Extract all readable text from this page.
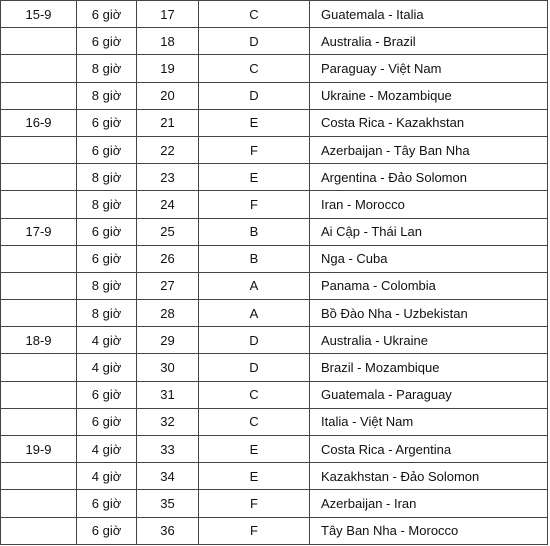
15-9	6 giờ	17	C	Guatemala - Italia
	6 giờ	18	D	Australia - Brazil
	8 giờ	19	C	Paraguay - Việt Nam
	8 giờ	20	D	Ukraine - Mozambique
16-9	6 giờ	21	E	Costa Rica - Kazakhstan
	6 giờ	22	F	Azerbaijan - Tây Ban Nha
	8 giờ	23	E	Argentina - Đảo Solomon
	8 giờ	24	F	Iran - Morocco
17-9	6 giờ	25	B	Ai Cập - Thái Lan
	6 giờ	26	B	Nga - Cuba
	8 giờ	27	A	Panama - Colombia
	8 giờ	28	A	Bồ Đào Nha - Uzbekistan
18-9	4 giờ	29	D	Australia - Ukraine
	4 giờ	30	D	Brazil - Mozambique
	6 giờ	31	C	Guatemala - Paraguay
	6 giờ	32	C	Italia - Việt Nam
19-9	4 giờ	33	E	Costa Rica - Argentina
	4 giờ	34	E	Kazakhstan - Đảo Solomon
	6 giờ	35	F	Azerbaijan - Iran
	6 giờ	36	F	Tây Ban Nha - Morocco
